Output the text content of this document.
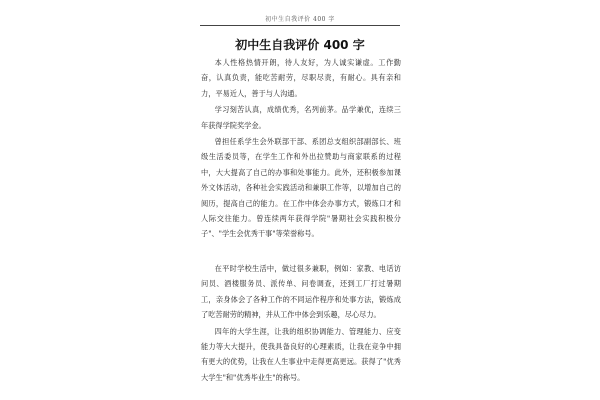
初中生自我评价 400 字
初中生自我评价 400 字

本人性格热情开朗，待人友好，为人诚实谦虚。工作勤奋，认真负责，能吃苦耐劳，尽职尽责，有耐心。具有亲和力，平易近人，善于与人沟通。

学习刻苦认真，成绩优秀，名列前茅。品学兼优，连续三年获得学院奖学金。

曾担任系学生会外联部干部、系团总支组织部副部长、班级生活委员等，在学生工作和外出拉赞助与商家联系的过程中，大大提高了自己的办事和处事能力。此外，还积极参加课外文体活动，各种社会实践活动和兼职工作等，以增加自己的阅历，提高自己的能力。在工作中体会办事方式，锻炼口才和人际交往能力。曾连续两年获得学院"暑期社会实践积极分子"、"学生会优秀干事"等荣誉称号。

在平时学校生活中，做过很多兼职，例如：家教、电话访问员、酒楼服务员、派传单、问卷调查，还到工厂打过暑期工，亲身体会了各种工作的不同运作程序和处事方法，锻炼成了吃苦耐劳的精神，并从工作中体会到乐趣，尽心尽力。

四年的大学生涯，让我的组织协调能力、管理能力、应变能力等大大提升，使我具备良好的心理素质，让我在竞争中拥有更大的优势，让我在人生事业中走得更高更远。获得了"优秀大学生"和"优秀毕业生"的称号。
